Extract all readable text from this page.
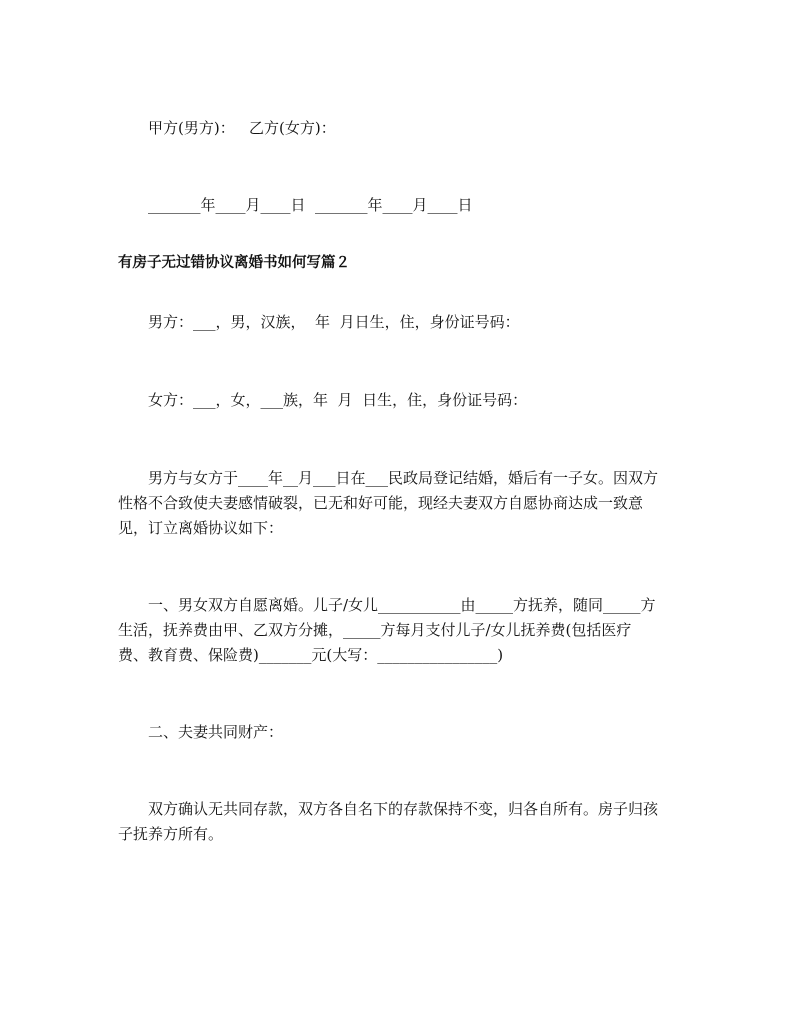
甲方(男方)：   乙方(女方)：
_______年____月____日  _______年____月____日
有房子无过错协议离婚书如何写篇２
男方：___，男，汉族，  年  月日生，住，身份证号码：
女方：___，女，___族，年  月  日生，住，身份证号码：
男方与女方于____年__月___日在___民政局登记结婚，婚后有一子女。因双方
性格不合致使夫妻感情破裂，已无和好可能，现经夫妻双方自愿协商达成一致意
见，订立离婚协议如下：
一、男女双方自愿离婚。儿子/女儿___________由_____方抚养，随同_____方
生活，抚养费由甲、乙双方分摊，_____方每月支付儿子/女儿抚养费(包括医疗
费、教育费、保险费)_______元(大写：________________)
二、夫妻共同财产：
双方确认无共同存款，双方各自名下的存款保持不变，归各自所有。房子归孩
子抚养方所有。
